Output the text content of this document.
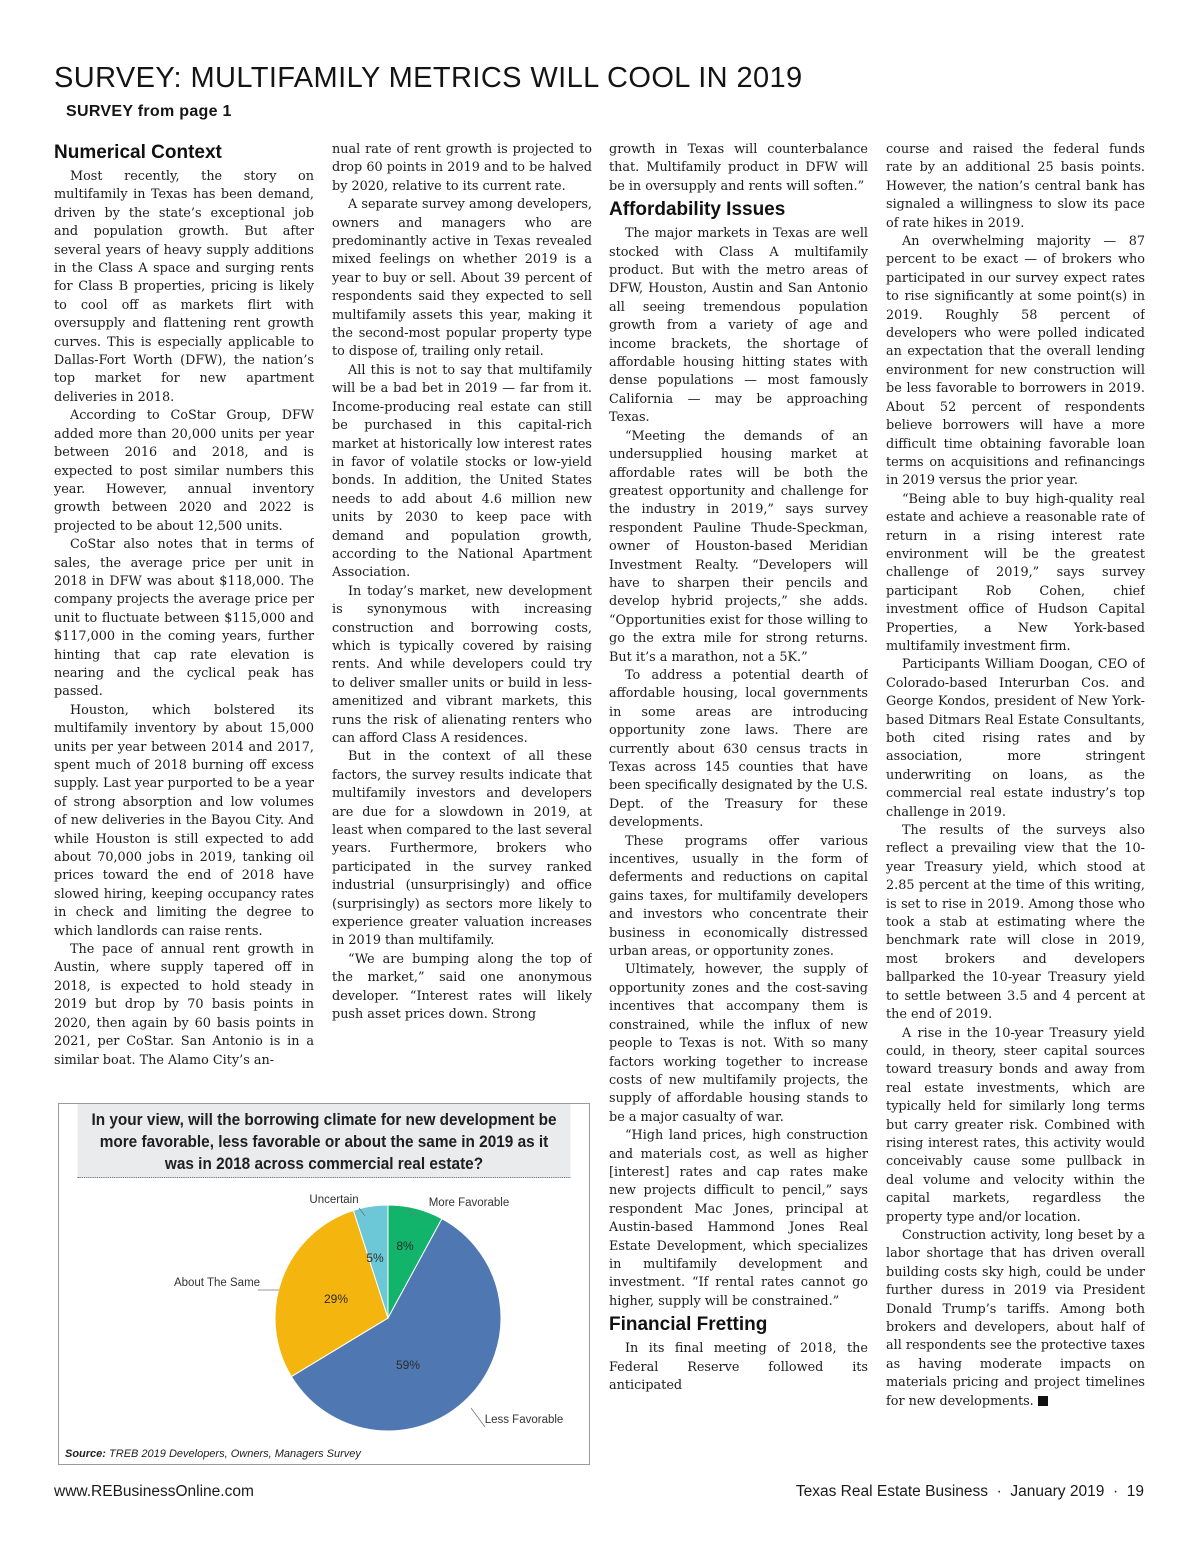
SURVEY: MULTIFAMILY METRICS WILL COOL IN 2019
SURVEY from page 1
Numerical Context

Most recently, the story on multifamily in Texas has been demand, driven by the state’s exceptional job and population growth. But after several years of heavy supply additions in the Class A space and surging rents for Class B properties, pricing is likely to cool off as markets flirt with oversupply and flattening rent growth curves. This is especially applicable to Dallas-Fort Worth (DFW), the nation’s top market for new apartment deliveries in 2018.

According to CoStar Group, DFW added more than 20,000 units per year between 2016 and 2018, and is expected to post similar numbers this year. However, annual inventory growth between 2020 and 2022 is projected to be about 12,500 units.

CoStar also notes that in terms of sales, the average price per unit in 2018 in DFW was about $118,000. The company projects the average price per unit to fluctuate between $115,000 and $117,000 in the coming years, further hinting that cap rate elevation is nearing and the cyclical peak has passed.

Houston, which bolstered its multifamily inventory by about 15,000 units per year between 2014 and 2017, spent much of 2018 burning off excess supply. Last year purported to be a year of strong absorption and low volumes of new deliveries in the Bayou City. And while Houston is still expected to add about 70,000 jobs in 2019, tanking oil prices toward the end of 2018 have slowed hiring, keeping occupancy rates in check and limiting the degree to which landlords can raise rents.

The pace of annual rent growth in Austin, where supply tapered off in 2018, is expected to hold steady in 2019 but drop by 70 basis points in 2020, then again by 60 basis points in 2021, per CoStar. San Antonio is in a similar boat. The Alamo City’s an-

nual rate of rent growth is projected to drop 60 points in 2019 and to be halved by 2020, relative to its current rate.

A separate survey among developers, owners and managers who are predominantly active in Texas revealed mixed feelings on whether 2019 is a year to buy or sell. About 39 percent of respondents said they expected to sell multifamily assets this year, making it the second-most popular property type to dispose of, trailing only retail.

All this is not to say that multifamily will be a bad bet in 2019 — far from it. Income-producing real estate can still be purchased in this capital-rich market at historically low interest rates in favor of volatile stocks or low-yield bonds. In addition, the United States needs to add about 4.6 million new units by 2030 to keep pace with demand and population growth, according to the National Apartment Association.

In today’s market, new development is synonymous with increasing construction and borrowing costs, which is typically covered by raising rents. And while developers could try to deliver smaller units or build in less-amenitized and vibrant markets, this runs the risk of alienating renters who can afford Class A residences.

But in the context of all these factors, the survey results indicate that multifamily investors and developers are due for a slowdown in 2019, at least when compared to the last several years. Furthermore, brokers who participated in the survey ranked industrial (unsurprisingly) and office (surprisingly) as sectors more likely to experience greater valuation increases in 2019 than multifamily.

“We are bumping along the top of the market,” said one anonymous developer. “Interest rates will likely push asset prices down. Strong

growth in Texas will counterbalance that. Multifamily product in DFW will be in oversupply and rents will soften.”

Affordability Issues

The major markets in Texas are well stocked with Class A multifamily product. But with the metro areas of DFW, Houston, Austin and San Antonio all seeing tremendous population growth from a variety of age and income brackets, the shortage of affordable housing hitting states with dense populations — most famously California — may be approaching Texas.

“Meeting the demands of an undersupplied housing market at affordable rates will be both the greatest opportunity and challenge for the industry in 2019,” says survey respondent Pauline Thude-Speckman, owner of Houston-based Meridian Investment Realty. “Developers will have to sharpen their pencils and develop hybrid projects,” she adds. “Opportunities exist for those willing to go the extra mile for strong returns. But it’s a marathon, not a 5K.”

To address a potential dearth of affordable housing, local governments in some areas are introducing opportunity zone laws. There are currently about 630 census tracts in Texas across 145 counties that have been specifically designated by the U.S. Dept. of the Treasury for these developments.

These programs offer various incentives, usually in the form of deferments and reductions on capital gains taxes, for multifamily developers and investors who concentrate their business in economically distressed urban areas, or opportunity zones.

Ultimately, however, the supply of opportunity zones and the cost-saving incentives that accompany them is constrained, while the influx of new people to Texas is not. With so many factors working together to increase costs of new multifamily projects, the supply of affordable housing stands to be a major casualty of war.

“High land prices, high construction and materials cost, as well as higher [interest] rates and cap rates make new projects difficult to pencil,” says respondent Mac Jones, principal at Austin-based Hammond Jones Real Estate Development, which specializes in multifamily development and investment. “If rental rates cannot go higher, supply will be constrained.”

Financial Fretting

In its final meeting of 2018, the Federal Reserve followed its anticipated

course and raised the federal funds rate by an additional 25 basis points. However, the nation’s central bank has signaled a willingness to slow its pace of rate hikes in 2019.

An overwhelming majority — 87 percent to be exact — of brokers who participated in our survey expect rates to rise significantly at some point(s) in 2019. Roughly 58 percent of developers who were polled indicated an expectation that the overall lending environment for new construction will be less favorable to borrowers in 2019. About 52 percent of respondents believe borrowers will have a more difficult time obtaining favorable loan terms on acquisitions and refinancings in 2019 versus the prior year.

“Being able to buy high-quality real estate and achieve a reasonable rate of return in a rising interest rate environment will be the greatest challenge of 2019,” says survey participant Rob Cohen, chief investment office of Hudson Capital Properties, a New York-based multifamily investment firm.

Participants William Doogan, CEO of Colorado-based Interurban Cos. and George Kondos, president of New York-based Ditmars Real Estate Consultants, both cited rising rates and by association, more stringent underwriting on loans, as the commercial real estate industry’s top challenge in 2019.

The results of the surveys also reflect a prevailing view that the 10-year Treasury yield, which stood at 2.85 percent at the time of this writing, is set to rise in 2019. Among those who took a stab at estimating where the benchmark rate will close in 2019, most brokers and developers ballparked the 10-year Treasury yield to settle between 3.5 and 4 percent at the end of 2019.

A rise in the 10-year Treasury yield could, in theory, steer capital sources toward treasury bonds and away from real estate investments, which are typically held for similarly long terms but carry greater risk. Combined with rising interest rates, this activity would conceivably cause some pullback in deal volume and velocity within the capital markets, regardless the property type and/or location.

Construction activity, long beset by a labor shortage that has driven overall building costs sky high, could be under further duress in 2019 via President Donald Trump’s tariffs. Among both brokers and developers, about half of all respondents see the protective taxes as having moderate impacts on materials pricing and project timelines for new developments.

In your view, will the borrowing climate for new development be more favorable, less favorable or about the same in 2019 as it was in 2018 across commercial real estate?
8%
More Favorable
59%
Less Favorable
29%
About The Same
5%
Uncertain
Source: TREB 2019 Developers, Owners, Managers Survey
www.REBusinessOnline.com	Texas Real Estate Business  ·  January 2019  ·  19
